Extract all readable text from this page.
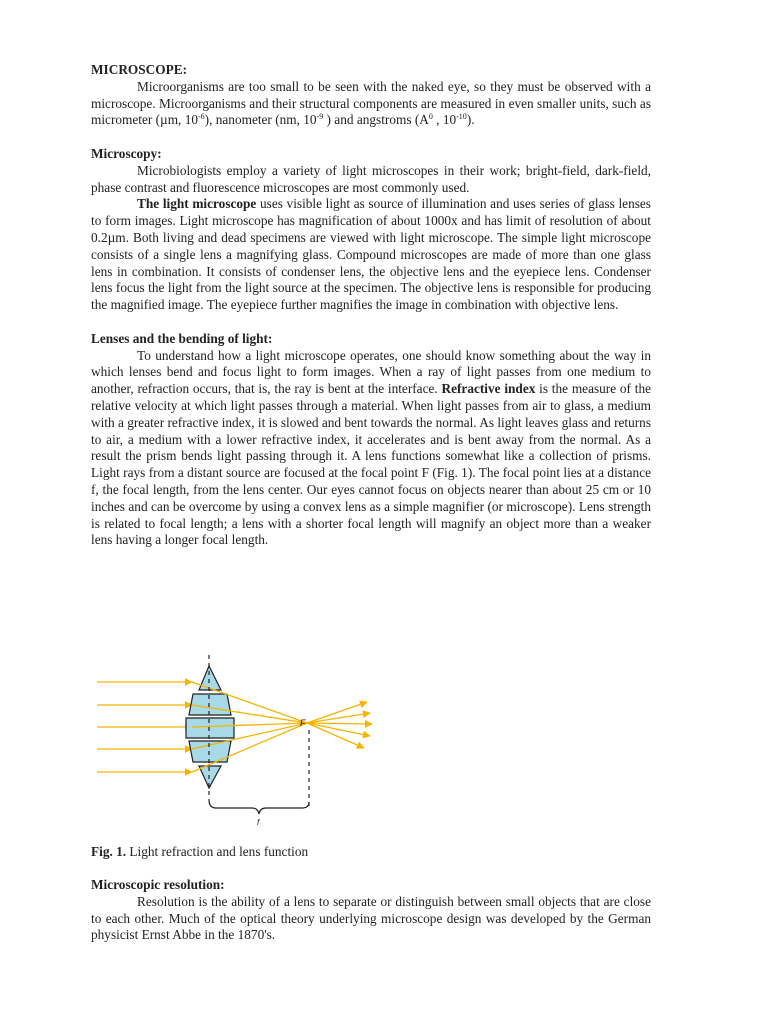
MICROSCOPE:

Microorganisms are too small to be seen with the naked eye, so they must be observed with a microscope. Microorganisms and their structural components are measured in even smaller units, such as micrometer (µm, $10^{-6}$), nanometer (nm, $10^{-9}$ ) and angstroms ($A^0$ , $10^{-10}$).

Microscopy:

Microbiologists employ a variety of light microscopes in their work; bright-field, dark-field, phase contrast and fluorescence microscopes are most commonly used.

The light microscope uses visible light as source of illumination and uses series of glass lenses to form images. Light microscope has magnification of about 1000x and has limit of resolution of about 0.2µm. Both living and dead specimens are viewed with light microscope. The simple light microscope consists of a single lens a magnifying glass. Compound microscopes are made of more than one glass lens in combination. It consists of condenser lens, the objective lens and the eyepiece lens. Condenser lens focus the light from the light source at the specimen. The objective lens is responsible for producing the magnified image. The eyepiece further magnifies the image in combination with objective lens.

Lenses and the bending of light:

To understand how a light microscope operates, one should know something about the way in which lenses bend and focus light to form images. When a ray of light passes from one medium to another, refraction occurs, that is, the ray is bent at the interface. Refractive index is the measure of the relative velocity at which light passes through a material. When light passes from air to glass, a medium with a greater refractive index, it is slowed and bent towards the normal. As light leaves glass and returns to air, a medium with a lower refractive index, it accelerates and is bent away from the normal. As a result the prism bends light passing through it. A lens functions somewhat like a collection of prisms. Light rays from a distant source are focused at the focal point F (Fig. 1). The focal point lies at a distance f, the focal length, from the lens center. Our eyes cannot focus on objects nearer than about 25 cm or 10 inches and can be overcome by using a convex lens as a simple magnifier (or microscope). Lens strength is related to focal length; a lens with a shorter focal length will magnify an object more than a weaker lens having a longer focal length.

F
f
Fig. 1. Light refraction and lens function

Microscopic resolution:

Resolution is the ability of a lens to separate or distinguish between small objects that are close to each other. Much of the optical theory underlying microscope design was developed by the German physicist Ernst Abbe in the 1870's.
